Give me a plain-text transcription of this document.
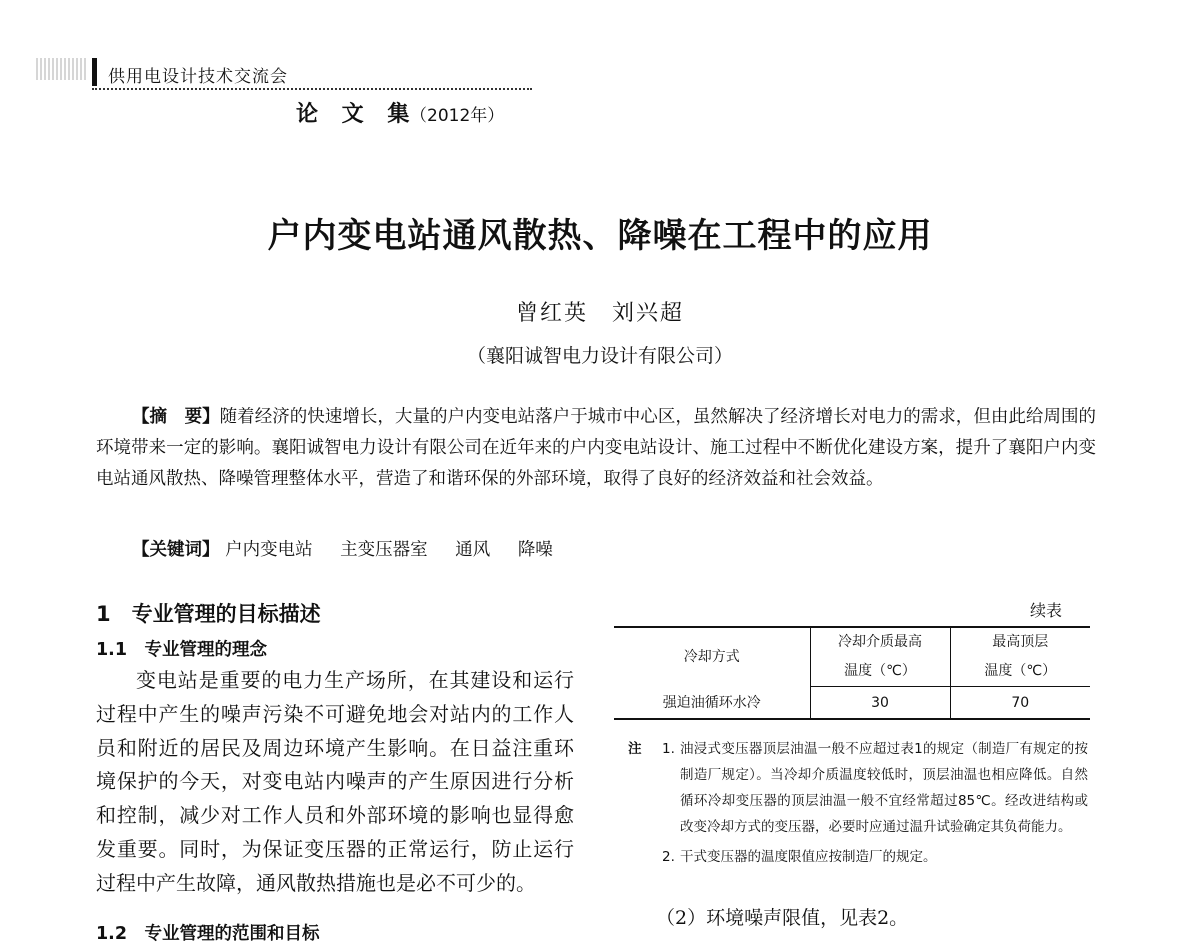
供用电设计技术交流会
论 文 集
（2012年）
户内变电站通风散热、降噪在工程中的应用
曾红英　刘兴超
（襄阳诚智电力设计有限公司）

【摘　要】随着经济的快速增长，大量的户内变电站落户于城市中心区，虽然解决了经济增长对电力的需求，但由此给周围的环境带来一定的影响。襄阳诚智电力设计有限公司在近年来的户内变电站设计、施工过程中不断优化建设方案，提升了襄阳户内变电站通风散热、降噪管理整体水平，营造了和谐环保的外部环境，取得了良好的经济效益和社会效益。

【关键词】 户内变电站 主变压器室 通风 降噪
1　专业管理的目标描述
1.1　专业管理的理念

变电站是重要的电力生产场所，在其建设和运行过程中产生的噪声污染不可避免地会对站内的工作人员和附近的居民及周边环境产生影响。在日益注重环境保护的今天，对变电站内噪声的产生原因进行分析和控制，减少对工作人员和外部环境的影响也显得愈发重要。同时，为保证变压器的正常运行，防止运行过程中产生故障，通风散热措施也是必不可少的。

1.2　专业管理的范围和目标
续表
冷却方式	冷却介质最高	最高顶层
	温度（℃）	温度（℃）
强迫油循环水冷	30	70
注 1. 油浸式变压器顶层油温一般不应超过表1的规定（制造厂有规定的按制造厂规定）。当冷却介质温度较低时，顶层油温也相应降低。自然循环冷却变压器的顶层油温一般不宜经常超过85℃。经改进结构或改变冷却方式的变压器，必要时应通过温升试验确定其负荷能力。
2. 干式变压器的温度限值应按制造厂的规定。
（2）环境噪声限值，见表2。
